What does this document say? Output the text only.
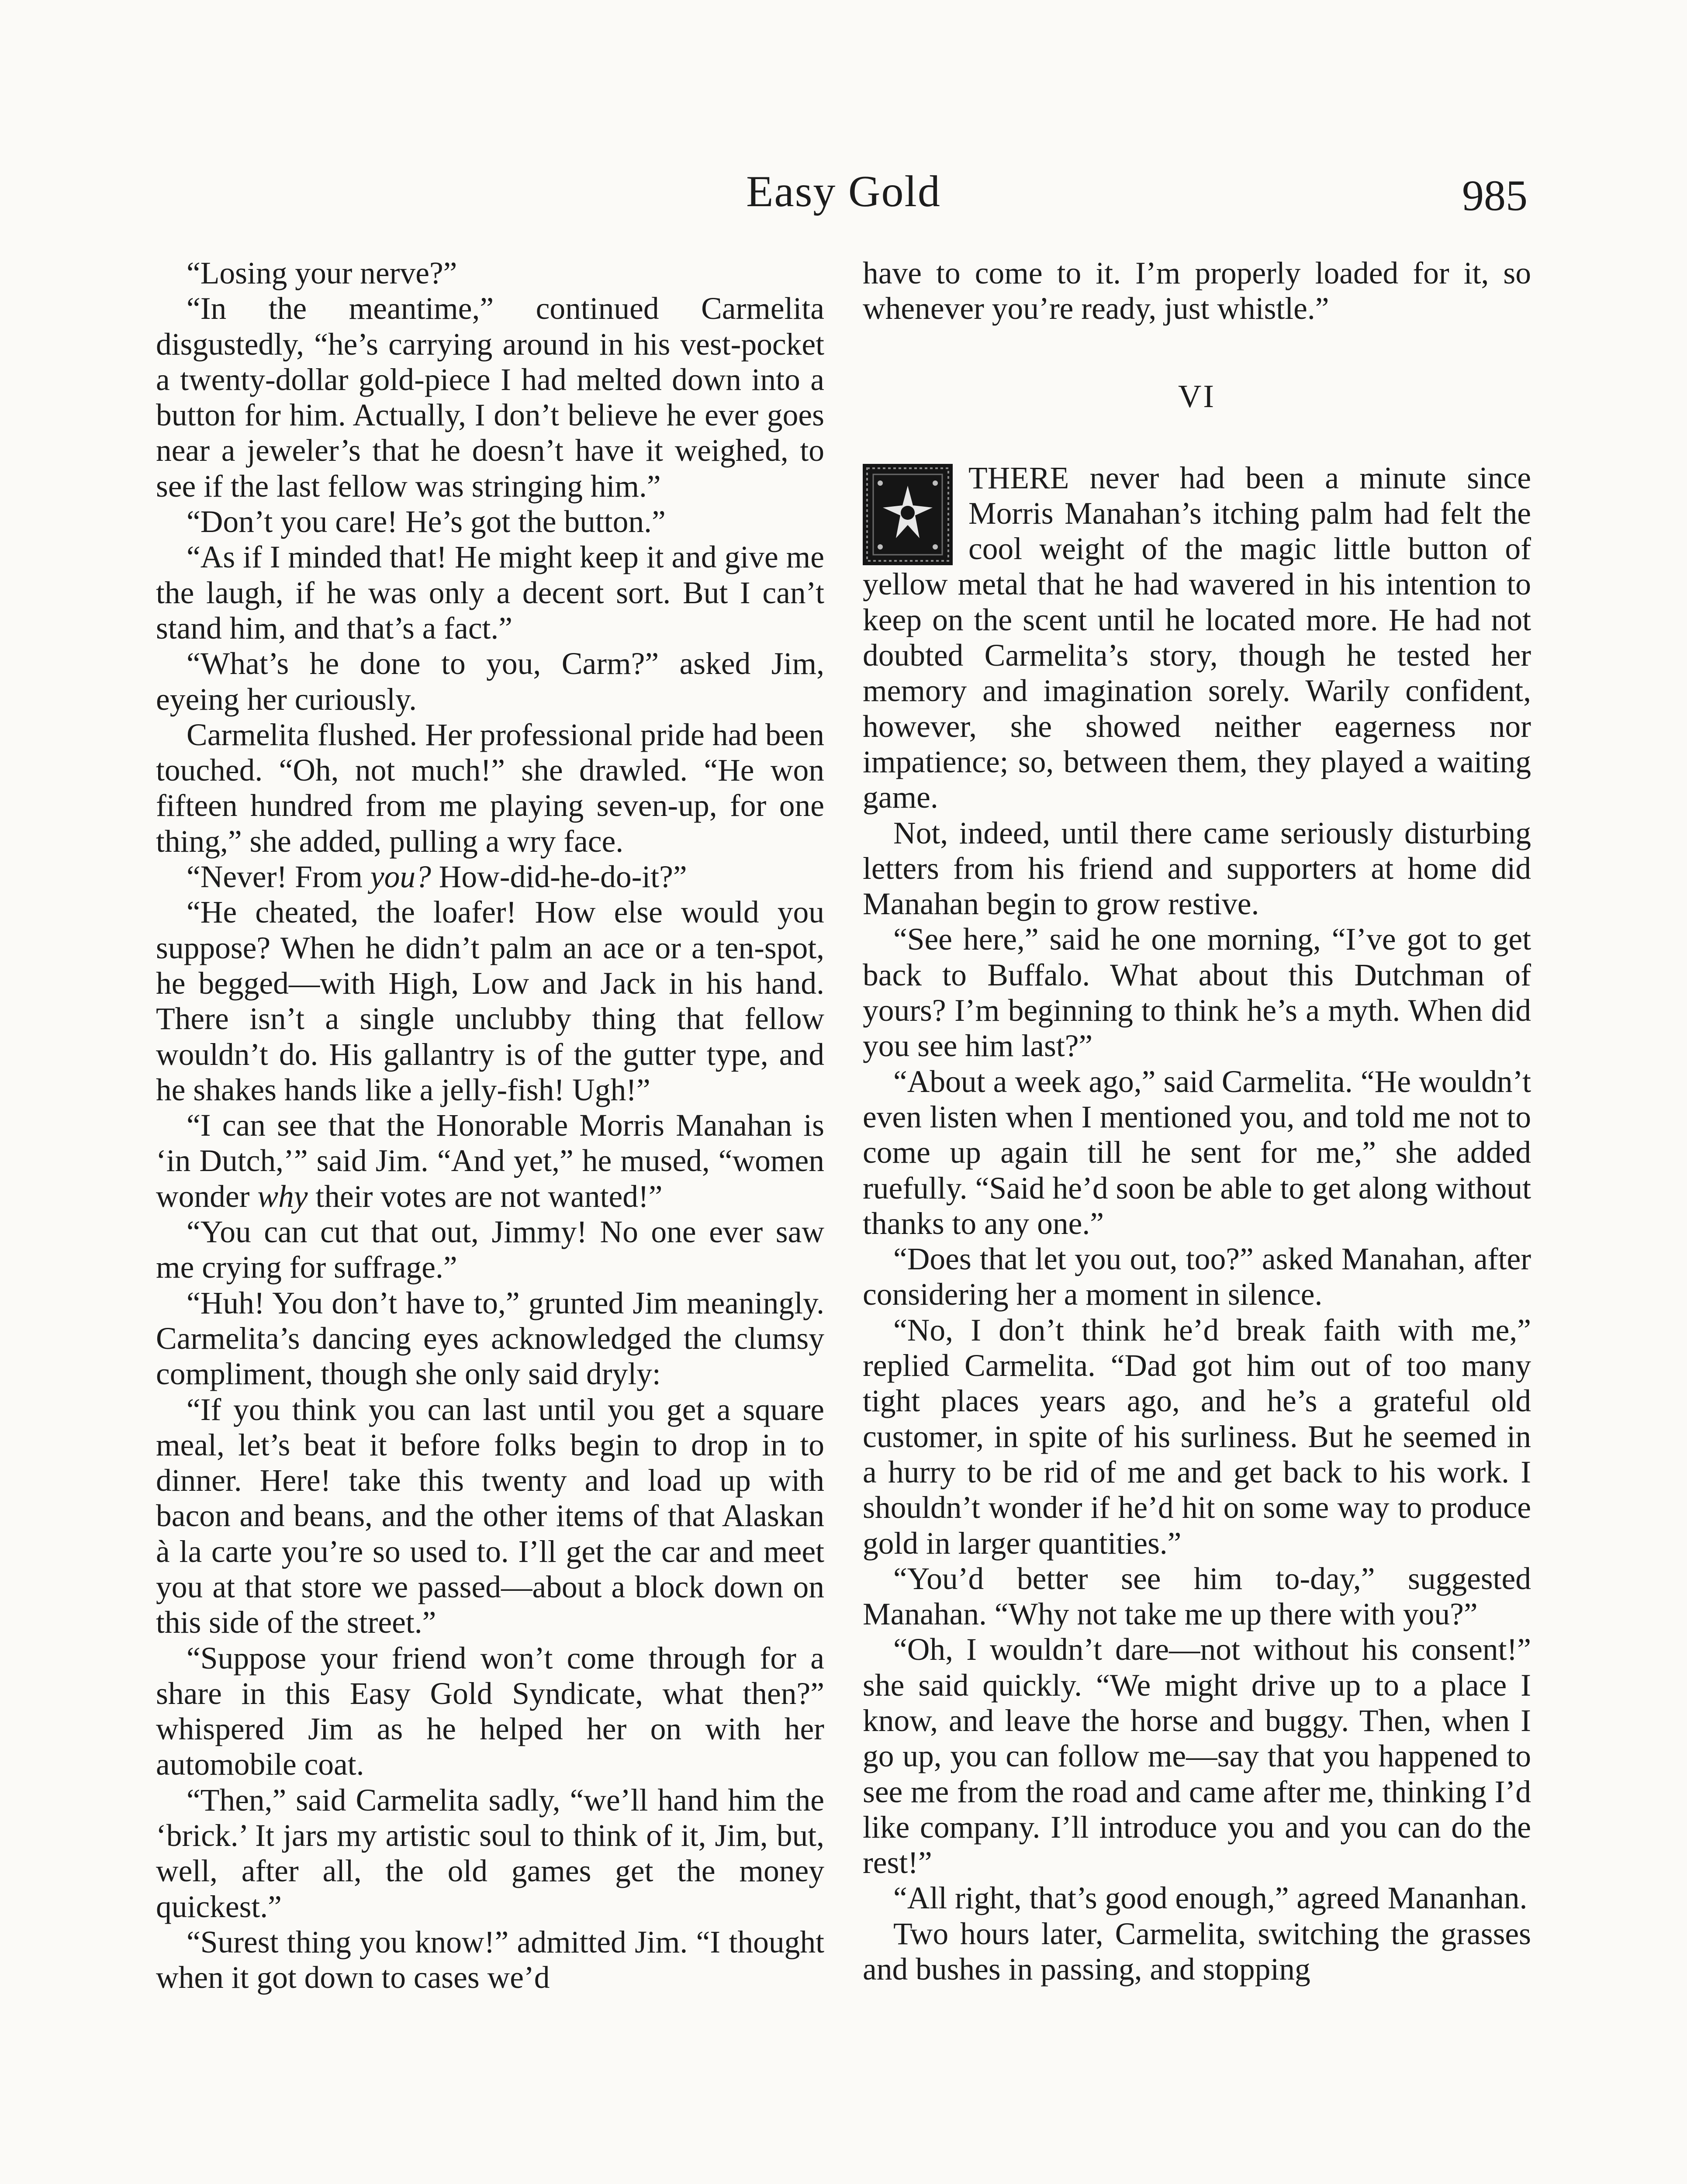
Easy Gold	985

“Losing your nerve?”

“In the meantime,” continued Carmelita disgustedly, “he’s carrying around in his vest-pocket a twenty-dollar gold-piece I had melted down into a button for him. Actually, I don’t believe he ever goes near a jeweler’s that he doesn’t have it weighed, to see if the last fellow was stringing him.”

“Don’t you care! He’s got the button.”

“As if I minded that! He might keep it and give me the laugh, if he was only a decent sort. But I can’t stand him, and that’s a fact.”

“What’s he done to you, Carm?” asked Jim, eyeing her curiously.

Carmelita flushed. Her professional pride had been touched. “Oh, not much!” she drawled. “He won fifteen hundred from me playing seven-up, for one thing,” she added, pulling a wry face.

“Never! From you? How-did-he-do-it?”

“He cheated, the loafer! How else would you suppose? When he didn’t palm an ace or a ten-spot, he begged—with High, Low and Jack in his hand. There isn’t a single unclubby thing that fellow wouldn’t do. His gallantry is of the gutter type, and he shakes hands like a jelly-fish! Ugh!”

“I can see that the Honorable Morris Manahan is ‘in Dutch,’” said Jim. “And yet,” he mused, “women wonder why their votes are not wanted!”

“You can cut that out, Jimmy! No one ever saw me crying for suffrage.”

“Huh! You don’t have to,” grunted Jim meaningly. Carmelita’s dancing eyes acknowledged the clumsy compliment, though she only said dryly:

“If you think you can last until you get a square meal, let’s beat it before folks begin to drop in to dinner. Here! take this twenty and load up with bacon and beans, and the other items of that Alaskan à la carte you’re so used to. I’ll get the car and meet you at that store we passed—about a block down on this side of the street.”

“Suppose your friend won’t come through for a share in this Easy Gold Syndicate, what then?” whispered Jim as he helped her on with her automobile coat.

“Then,” said Carmelita sadly, “we’ll hand him the ‘brick.’ It jars my artistic soul to think of it, Jim, but, well, after all, the old games get the money quickest.”

“Surest thing you know!” admitted Jim. “I thought when it got down to cases we’d

have to come to it. I’m properly loaded for it, so whenever you’re ready, just whistle.”

VI

THERE never had been a minute since Morris Manahan’s itching palm had felt the cool weight of the magic little button of yellow metal that he had wavered in his intention to keep on the scent until he located more. He had not doubted Carmelita’s story, though he tested her memory and imagination sorely. Warily confident, however, she showed neither eagerness nor impatience; so, between them, they played a waiting game.

Not, indeed, until there came seriously disturbing letters from his friend and supporters at home did Manahan begin to grow restive.

“See here,” said he one morning, “I’ve got to get back to Buffalo. What about this Dutchman of yours? I’m beginning to think he’s a myth. When did you see him last?”

“About a week ago,” said Carmelita. “He wouldn’t even listen when I mentioned you, and told me not to come up again till he sent for me,” she added ruefully. “Said he’d soon be able to get along without thanks to any one.”

“Does that let you out, too?” asked Manahan, after considering her a moment in silence.

“No, I don’t think he’d break faith with me,” replied Carmelita. “Dad got him out of too many tight places years ago, and he’s a grateful old customer, in spite of his surliness. But he seemed in a hurry to be rid of me and get back to his work. I shouldn’t wonder if he’d hit on some way to produce gold in larger quantities.”

“You’d better see him to-day,” suggested Manahan. “Why not take me up there with you?”

“Oh, I wouldn’t dare—not without his consent!” she said quickly. “We might drive up to a place I know, and leave the horse and buggy. Then, when I go up, you can follow me—say that you happened to see me from the road and came after me, thinking I’d like company. I’ll introduce you and you can do the rest!”

“All right, that’s good enough,” agreed Mananhan.

Two hours later, Carmelita, switching the grasses and bushes in passing, and stopping
